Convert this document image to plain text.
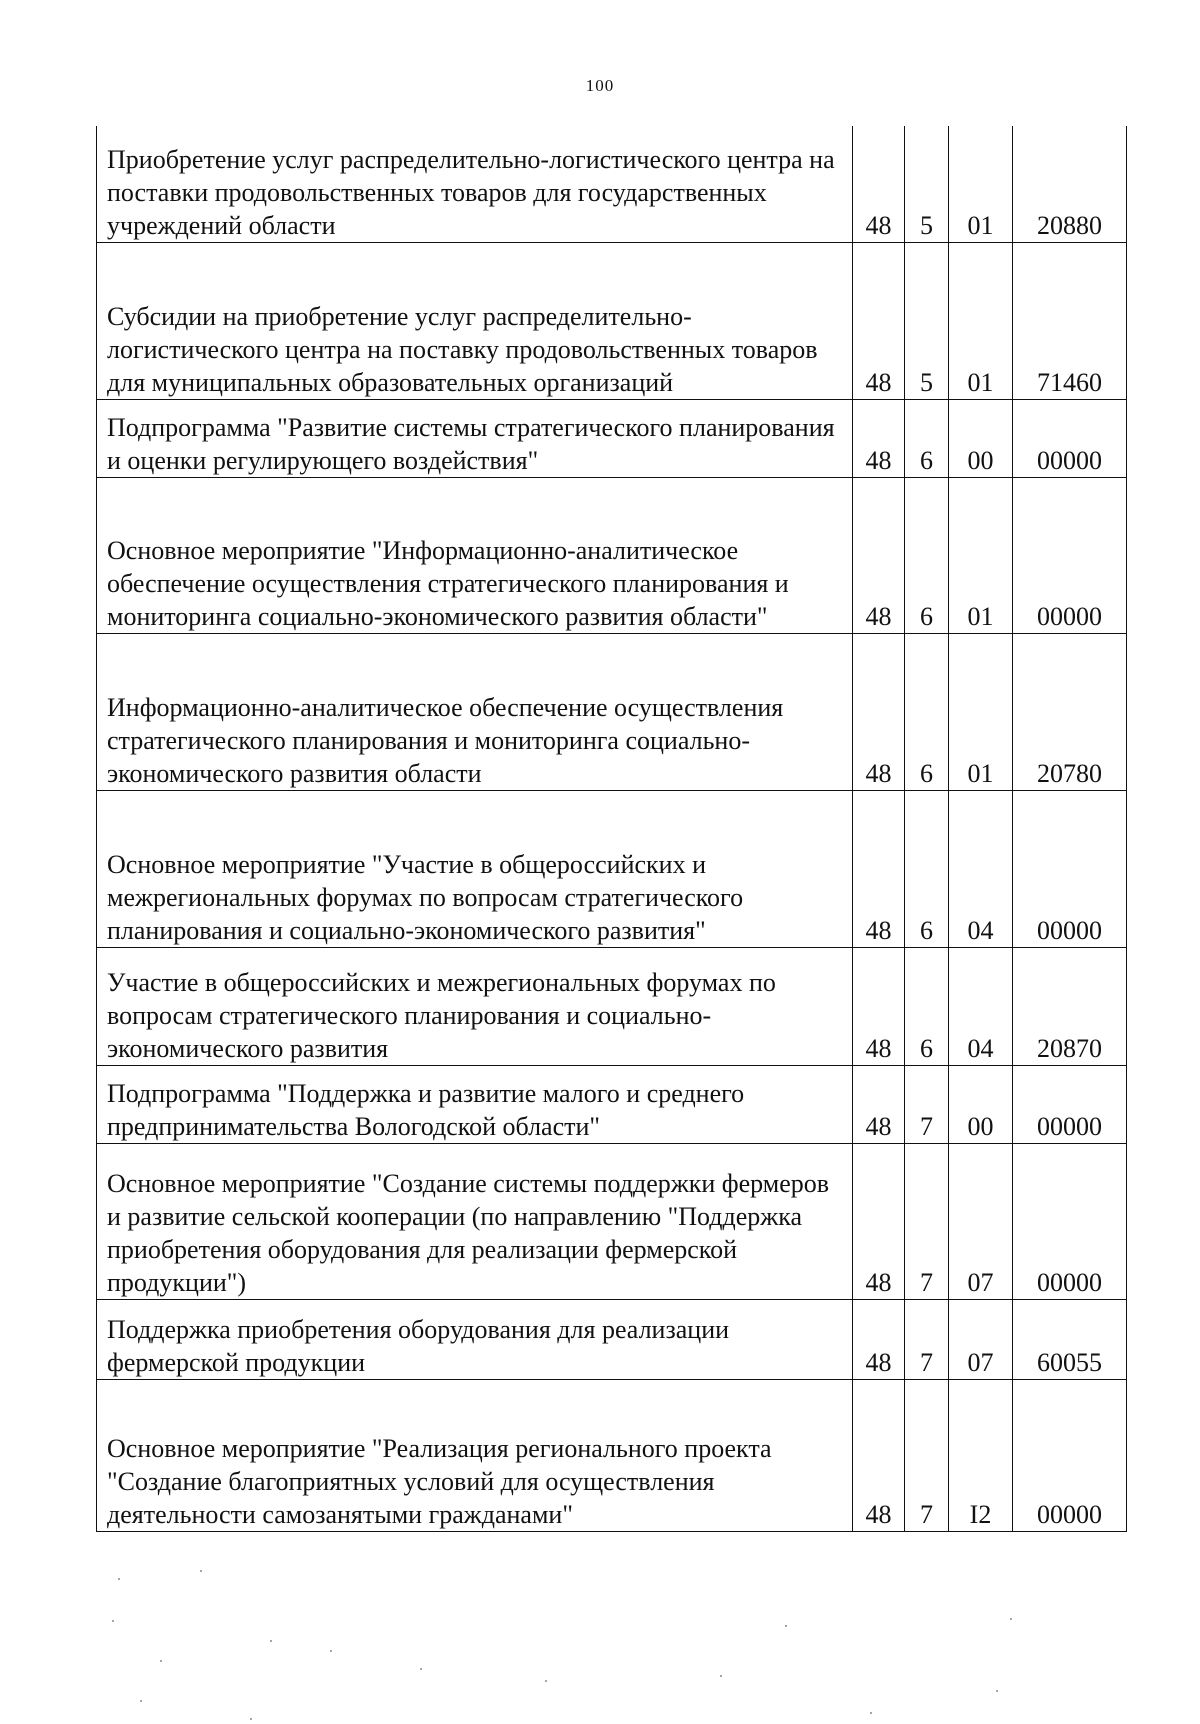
100
Приобретение услуг распределительно-логистического центра на поставки продовольственных товаров для государственных учреждений области	48	5	01	20880
Субсидии на приобретение услуг распределительно-логистического центра на поставку продовольственных товаров для муниципальных образовательных организаций	48	5	01	71460
Подпрограмма "Развитие системы стратегического планирования и оценки регулирующего воздействия"	48	6	00	00000
Основное мероприятие "Информационно-аналитическое обеспечение осуществления стратегического планирования и мониторинга социально-экономического развития области"	48	6	01	00000
Информационно-аналитическое обеспечение осуществления стратегического планирования и мониторинга социально-экономического развития области	48	6	01	20780
Основное мероприятие "Участие в общероссийских и межрегиональных форумах по вопросам стратегического планирования и социально-экономического развития"	48	6	04	00000
Участие в общероссийских и межрегиональных форумах по вопросам стратегического планирования и социально-экономического развития	48	6	04	20870
Подпрограмма "Поддержка и развитие малого и среднего предпринимательства Вологодской области"	48	7	00	00000
Основное мероприятие "Создание системы поддержки фермеров и развитие сельской кооперации (по направлению "Поддержка приобретения оборудования для реализации фермерской продукции")	48	7	07	00000
Поддержка приобретения оборудования для реализации фермерской продукции	48	7	07	60055
Основное мероприятие "Реализация регионального проекта "Создание благоприятных условий для осуществления деятельности самозанятыми гражданами"	48	7	I2	00000
